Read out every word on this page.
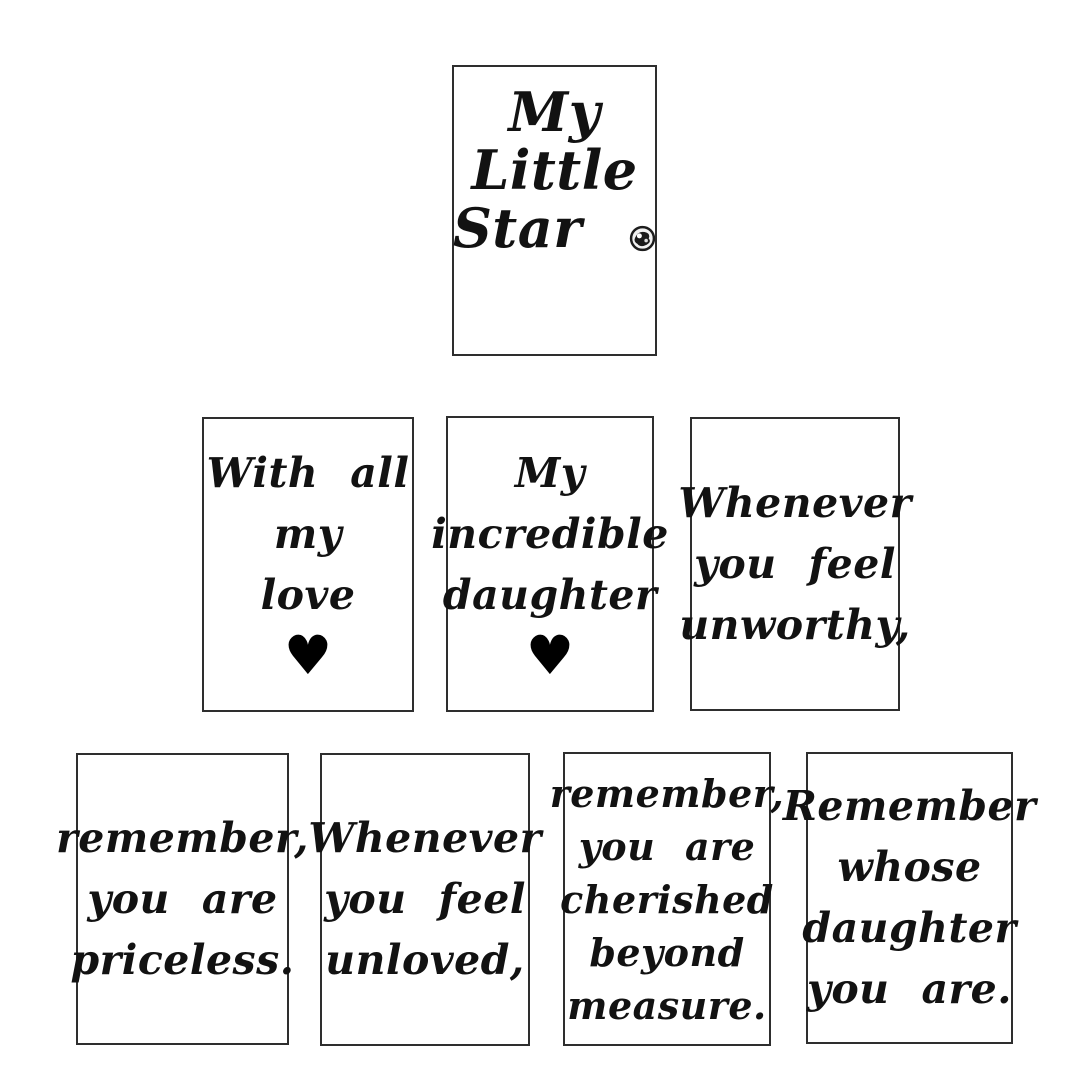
My
Little
Star
With all
my
love
♥
My
incredible
daughter
♥
Whenever
you feel
unworthy,
remember,
you are
priceless.
Whenever
you feel
unloved,
remember,
you are
cherished
beyond
measure.
Remember
whose
daughter
you are.
